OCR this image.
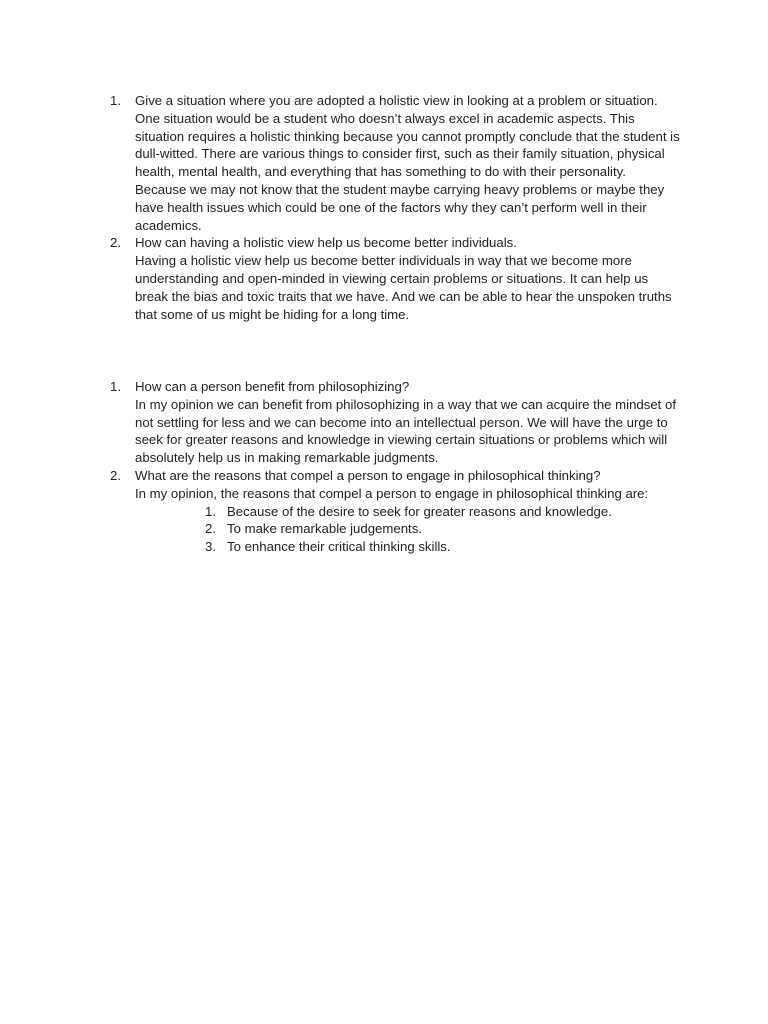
1.	Give a situation where you are adopted a holistic view in looking at a problem or situation.
One situation would be a student who doesn’t always excel in academic aspects. This situation requires a holistic thinking because you cannot promptly conclude that the student is dull-witted. There are various things to consider first, such as their family situation, physical health, mental health, and everything that has something to do with their personality. Because we may not know that the student maybe carrying heavy problems or maybe they have health issues which could be one of the factors why they can’t perform well in their academics.
2.	How can having a holistic view help us become better individuals.
Having a holistic view help us become better individuals in way that we become more understanding and open-minded in viewing certain problems or situations. It can help us break the bias and toxic traits that we have. And we can be able to hear the unspoken truths that some of us might be hiding for a long time.
1.	How can a person benefit from philosophizing?
In my opinion we can benefit from philosophizing in a way that we can acquire the mindset of not settling for less and we can become into an intellectual person. We will have the urge to seek for greater reasons and knowledge in viewing certain situations or problems which will absolutely help us in making remarkable judgments.
2.	What are the reasons that compel a person to engage in philosophical thinking?
In my opinion, the reasons that compel a person to engage in philosophical thinking are:
1. Because of the desire to seek for greater reasons and knowledge.
2. To make remarkable judgements.
3. To enhance their critical thinking skills.
